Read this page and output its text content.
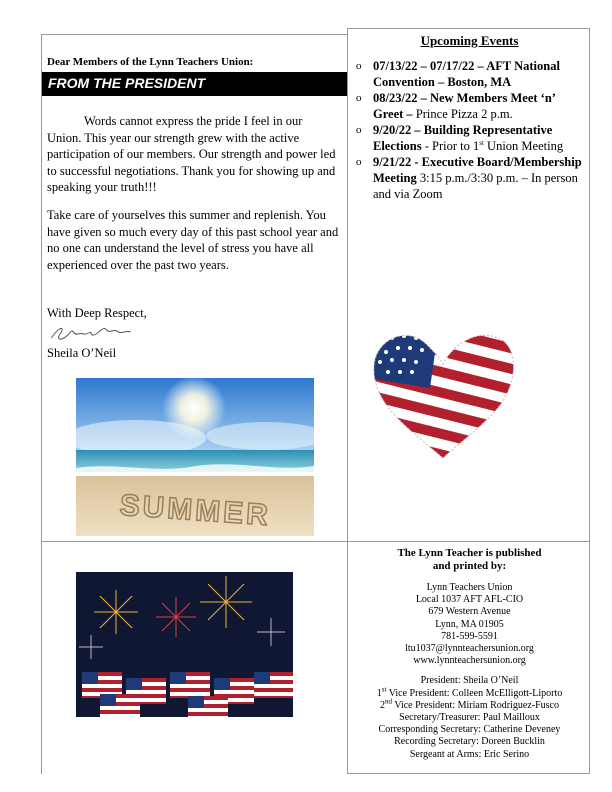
Dear Members of the Lynn Teachers Union:
FROM THE PRESIDENT

Words cannot express the pride I feel in our Union. This year our strength grew with the active participation of our members. Our strength and power led to successful negotiations. Thank you for showing up and speaking your truth!!!

Take care of yourselves this summer and replenish. You have given so much every day of this past school year and no one can understand the level of stress you have all experienced over the past two years.

With Deep Respect,
Sheila O’Neil
SUMMER
Upcoming Events
o 07/13/22 – 07/17/22 – AFT National Convention – Boston, MA
o 08/23/22 – New Members Meet ‘n’ Greet – Prince Pizza 2 p.m.
o 9/20/22 – Building Representative Elections - Prior to 1st Union Meeting
o 9/21/22 - Executive Board/Membership Meeting 3:15 p.m./3:30 p.m. – In person and via Zoom
The Lynn Teacher is published
and printed by:
Lynn Teachers Union
Local 1037 AFT AFL-CIO
679 Western Avenue
Lynn, MA 01905
781-599-5591
ltu1037@lynnteachersunion.org
www.lynnteachersunion.org
President: Sheila O’Neil
1st Vice President: Colleen McElligott-Liporto
2nd Vice President: Miriam Rodriguez-Fusco
Secretary/Treasurer: Paul Mailloux
Corresponding Secretary: Catherine Deveney
Recording Secretary: Doreen Bucklin
Sergeant at Arms: Eric Serino
